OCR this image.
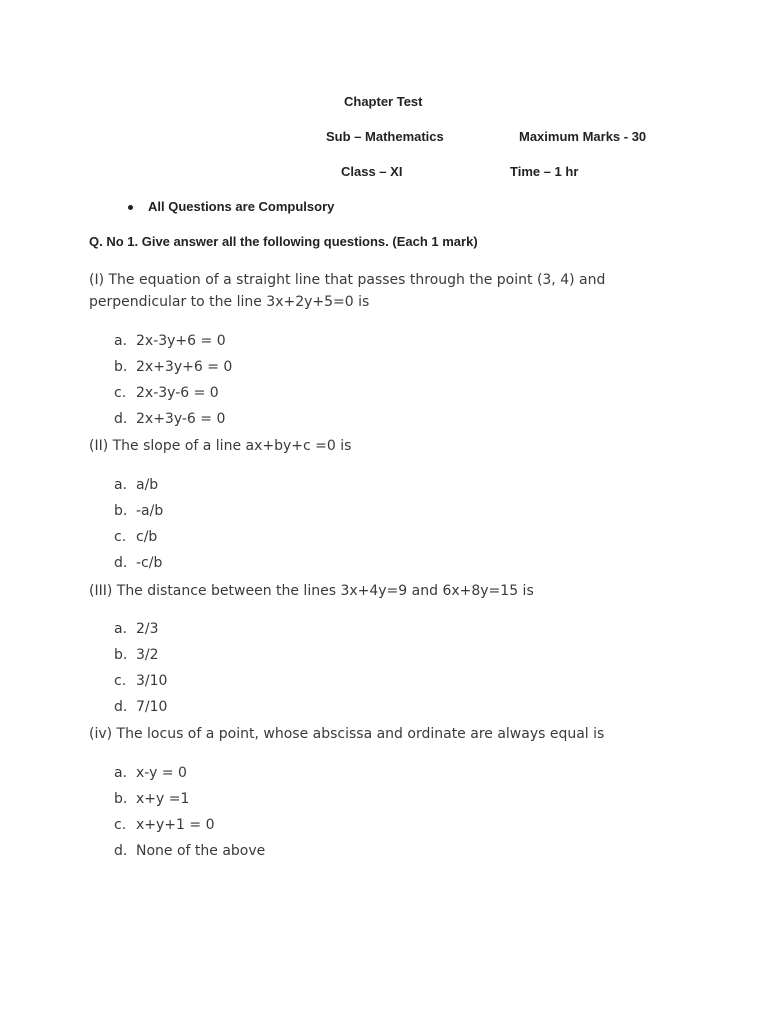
Chapter Test
Sub – Mathematics	Maximum Marks - 30
Class – XI	Time – 1 hr
All Questions are Compulsory
Q. No 1. Give answer all the following questions. (Each 1 mark)
(I) The equation of a straight line that passes through the point (3, 4) and
perpendicular to the line 3x+2y+5=0 is
a. 2x-3y+6 = 0
b. 2x+3y+6 = 0
c. 2x-3y-6 = 0
d. 2x+3y-6 = 0
(II) The slope of a line ax+by+c =0 is
a. a/b
b. -a/b
c. c/b
d. -c/b
(III) The distance between the lines 3x+4y=9 and 6x+8y=15 is
a. 2/3
b. 3/2
c. 3/10
d. 7/10
(iv) The locus of a point, whose abscissa and ordinate are always equal is
a. x-y = 0
b. x+y =1
c. x+y+1 = 0
d. None of the above
